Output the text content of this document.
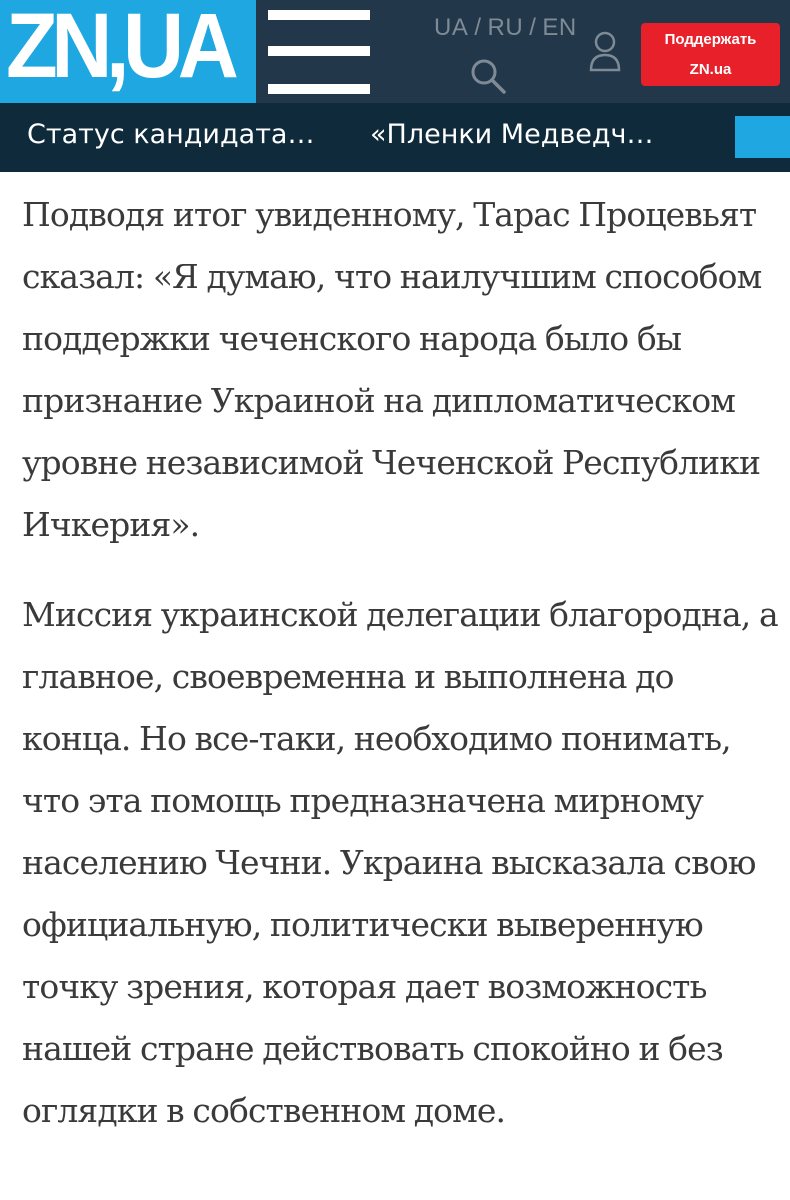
ZN,UA	UA / RU / EN	Поддержать
ZN.ua
Статус кандидата… «Пленки Медведч…

Подводя итог увиденному, Тарас Процевьят сказал: «Я думаю, что наилучшим способом поддержки чеченского народа было бы признание Украиной на дипломатическом уровне независимой Чеченской Республики Ичкерия».

Миссия украинской делегации благородна, а главное, своевременна и выполнена до конца. Но все-таки, необходимо понимать, что эта помощь предназначена мирному населению Чечни. Украина высказала свою официальную, политически выверенную точку зрения, которая дает возможность нашей стране действовать спокойно и без оглядки в собственном доме.
